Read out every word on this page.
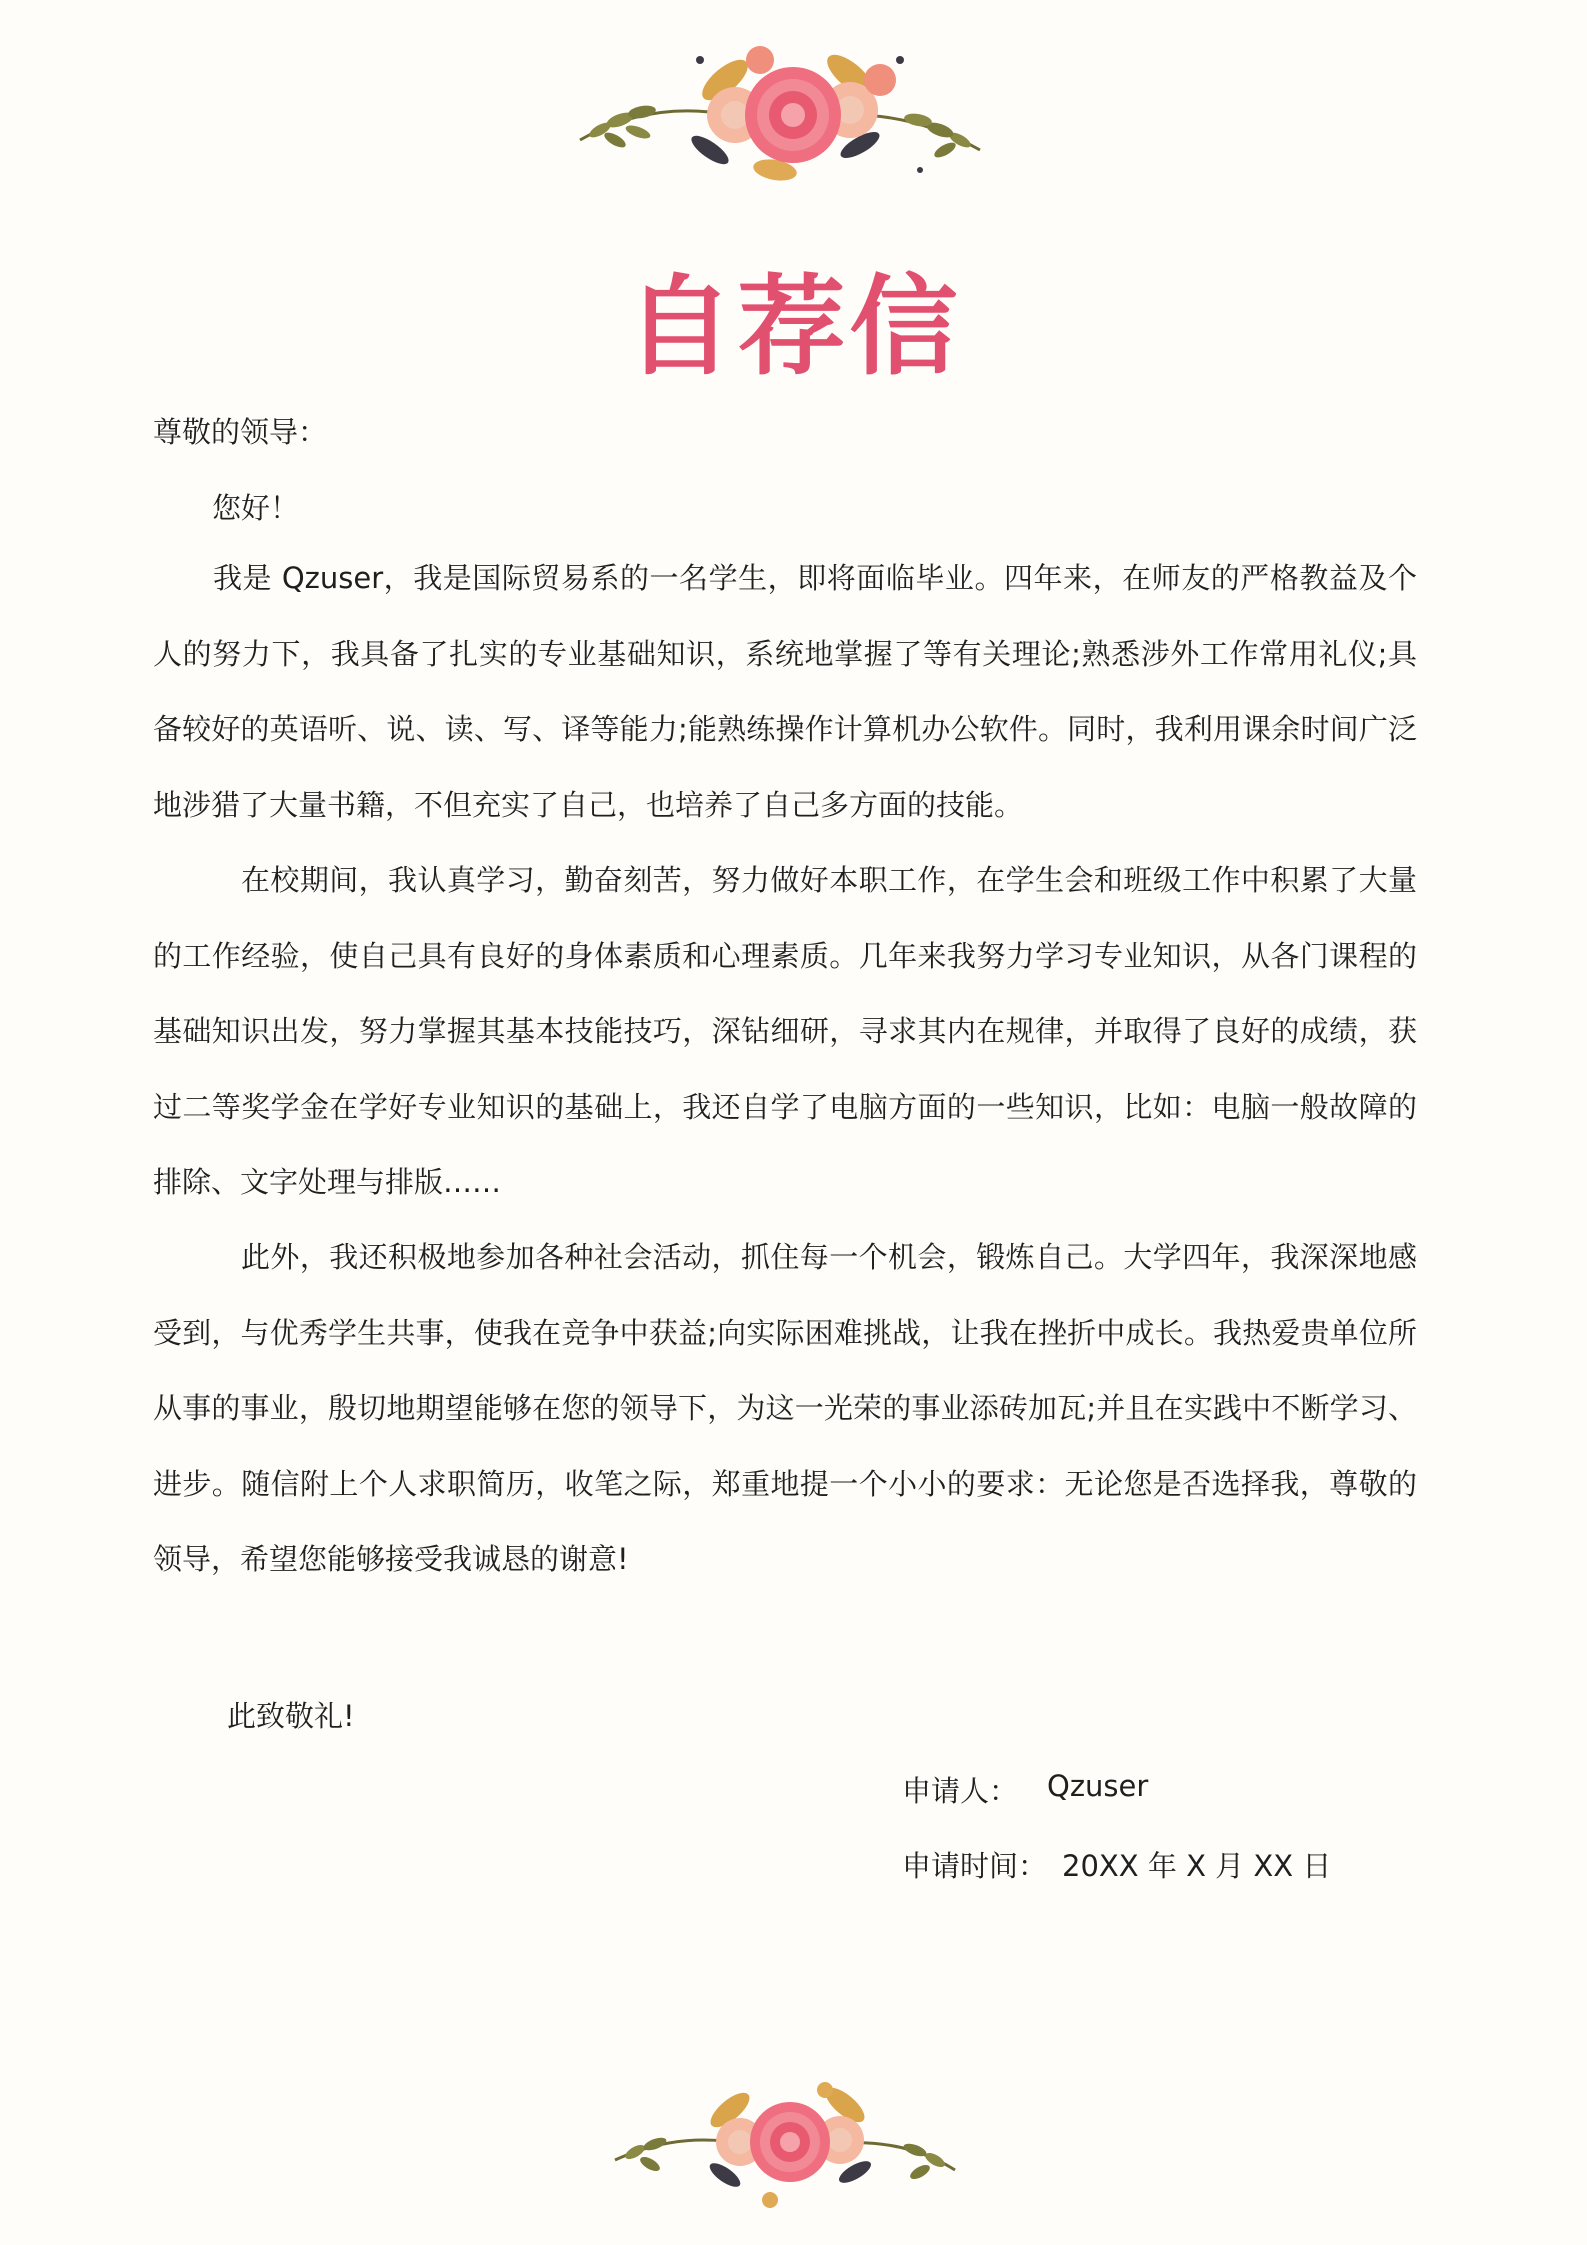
自荐信
尊敬的领导：
您好！
我是 Qzuser，我是国际贸易系的一名学生，即将面临毕业。四年来，在师友的严格教益及个人的努力下，我具备了扎实的专业基础知识，系统地掌握了等有关理论;熟悉涉外工作常用礼仪;具备较好的英语听、说、读、写、译等能力;能熟练操作计算机办公软件。同时，我利用课余时间广泛地涉猎了大量书籍，不但充实了自己，也培养了自己多方面的技能。
在校期间，我认真学习，勤奋刻苦，努力做好本职工作，在学生会和班级工作中积累了大量的工作经验，使自己具有良好的身体素质和心理素质。几年来我努力学习专业知识，从各门课程的基础知识出发，努力掌握其基本技能技巧，深钻细研，寻求其内在规律，并取得了良好的成绩，获过二等奖学金在学好专业知识的基础上，我还自学了电脑方面的一些知识，比如：电脑一般故障的排除、文字处理与排版……
此外，我还积极地参加各种社会活动，抓住每一个机会，锻炼自己。大学四年，我深深地感受到，与优秀学生共事，使我在竞争中获益;向实际困难挑战，让我在挫折中成长。我热爱贵单位所从事的事业，殷切地期望能够在您的领导下，为这一光荣的事业添砖加瓦;并且在实践中不断学习、进步。随信附上个人求职简历，收笔之际，郑重地提一个小小的要求：无论您是否选择我，尊敬的领导，希望您能够接受我诚恳的谢意!
此致敬礼!
申请人： Qzuser
申请时间： 20XX 年 X 月 XX 日
